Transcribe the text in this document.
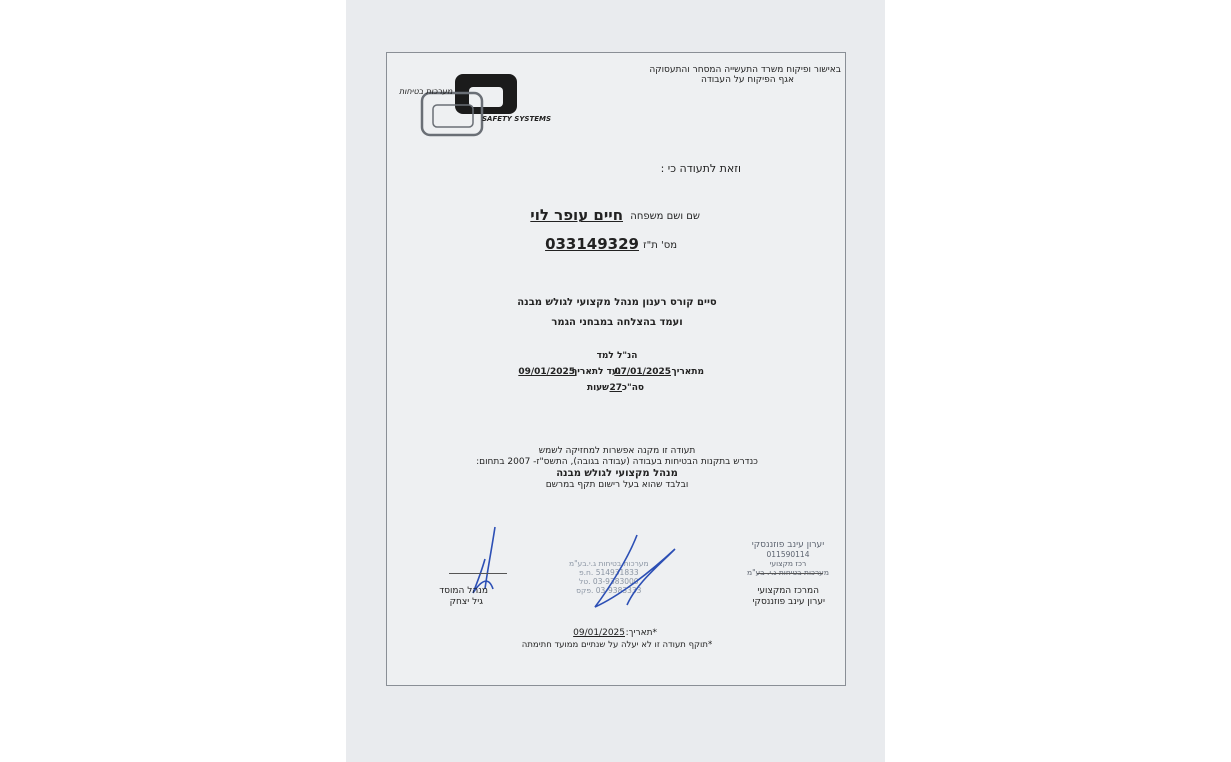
באישור ופיקוח משרד התעשייה המסחר והתעסוקה
אגף הפיקוח על העבודה
מערכות בטיחות
SAFETY SYSTEMS
וזאת לתעודה כי :
שם ושם משפחה
חיים עופר לוי
מס' ת"ז
033149329
סיים קורס רענון מנהל מקצועי לגולש מבנה
ועמד בהצלחה במבחני הגמר
הנ"ל למד
מתאריך
07/01/2025
ועד לתאריך
09/01/2025
סה"כ
27
שעות
תעודה זו מקנה אפשרות למחזיקה לשמש
כנדרש בתקנות הבטיחות בעבודה (עבודה בגובה), התשס"ז- 2007 בתחום:
מנהל מקצועי לגולש מבנה
ובלבד שהוא בעל רישום תקף במרשם
מנהל המוסד
גיל יצחק
מערכות בטיחות ג.י.בע"מ
514931833 .ח.פ
03-9383000 .טל
03-9383333 .פקס
יערון עינב פוזננסקי
011590114
רכז מקצועי
מערכות בטיחות ג.י. בע"מ
המרכז המקצועי
יערון עינב פוזננסקי
*תאריך:
09/01/2025
*תוקף תעודה זו לא יעלה על שנתיים ממועד חתימתה
